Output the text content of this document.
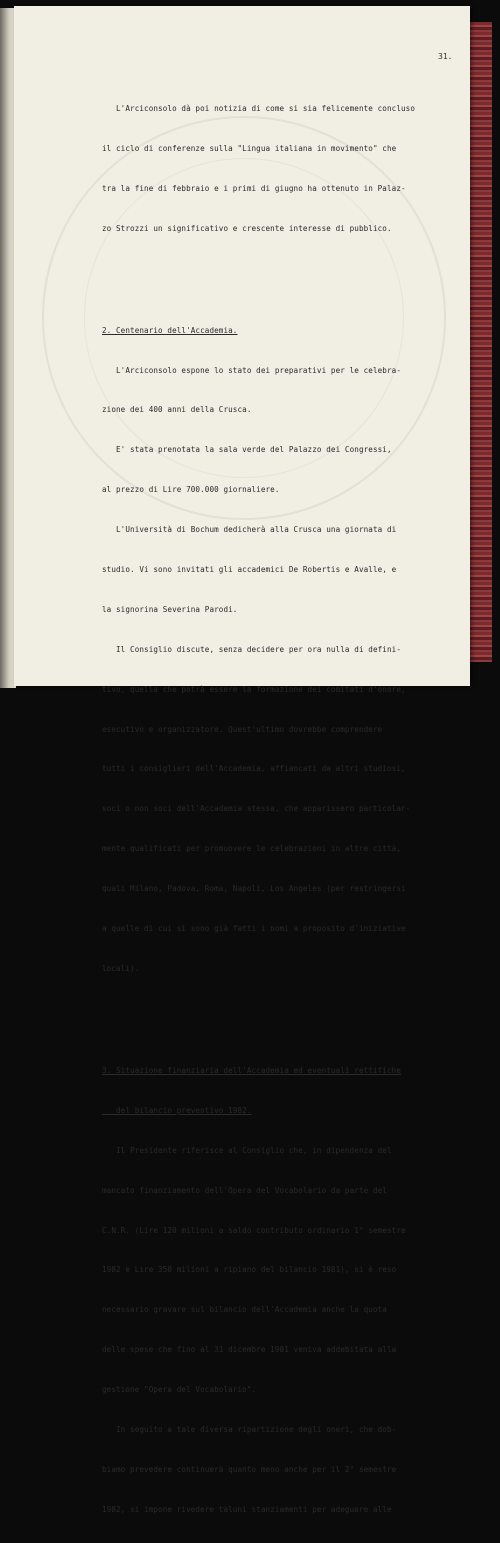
31.

L'Arciconsolo dà poi notizia di come si sia felicemente concluso

il ciclo di conferenze sulla "Lingua italiana in movimento" che

tra la fine di febbraio e i primi di giugno ha ottenuto in Palaz-

zo Strozzi un significativo e crescente interesse di pubblico.

2. Centenario dell'Accademia.

L'Arciconsolo espone lo stato dei preparativi per le celebra-

zione dei 400 anni della Crusca.

E' stata prenotata la sala verde del Palazzo dei Congressi,

al prezzo di Lire 700.000 giornaliere.

L'Università di Bochum dedicherà alla Crusca una giornata di

studio. Vi sono invitati gli accademici De Robertis e Avalle, e

la signorina Severina Parodi.

Il Consiglio discute, senza decidere per ora nulla di defini-

tivo, quella che potrà essere la formazione dei comitati d'onore,

esecutivo e organizzatore. Quest'ultimo dovrebbe comprendere

tutti i consiglieri dell'Accademia, affiancati da altri studiosi,

soci o non soci dell'Accademia stessa, che apparissero particolar-

mente qualificati per promuovere le celebrazioni in altre città,

quali Milano, Padova, Roma, Napoli, Los Angeles (per restringersi

a quelle di cui si sono già fatti i nomi a proposito d'iniziative

locali).

3. Situazione finanziaria dell'Accademia ed eventuali rettifiche

del bilancio preventivo 1982.

Il Presidente riferisce al Consiglio che, in dipendenza del

mancato finanziamento dell'Opera del Vocabolario da parte del

C.N.R. (Lire 120 milioni a saldo contributo ordinario 1° semestre

1982 e Lire 350 milioni a ripiano del bilancio 1981), si è reso

necessario gravare sul bilancio dell'Accademia anche la quota

delle spese che fino al 31 dicembre 1981 veniva addebitata alla

gestione "Opera del Vocabolario".

In seguito a tale diversa ripartizione degli oneri, che dob-

biamo prevedere continuerà quanto meno anche per il 2° semestre

1982, si impone rivedere taluni stanziamenti per adeguare alle
